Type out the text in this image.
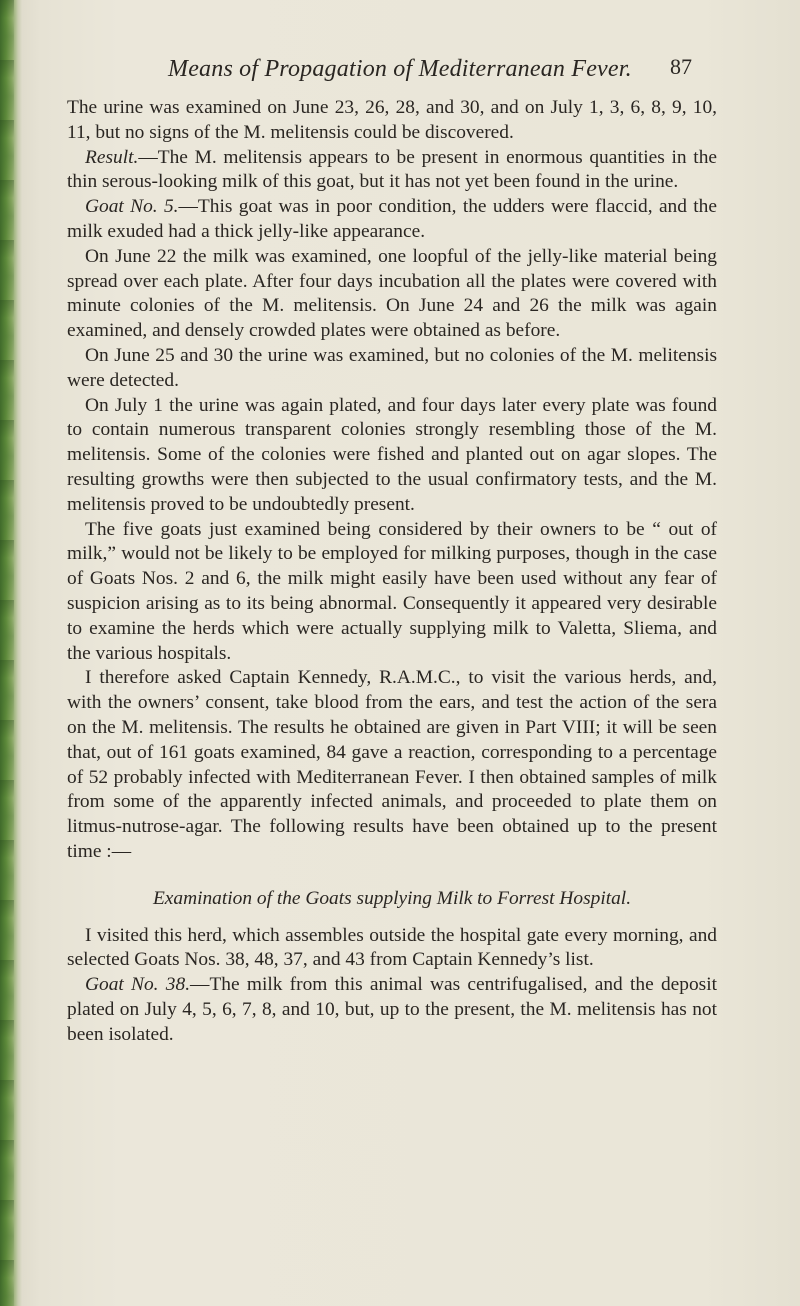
Means of Propagation of Mediterranean Fever. 87

The urine was examined on June 23, 26, 28, and 30, and on July 1, 3, 6, 8, 9, 10, 11, but no signs of the M. melitensis could be discovered.

Result.—The M. melitensis appears to be present in enormous quantities in the thin serous-looking milk of this goat, but it has not yet been found in the urine.

Goat No. 5.—This goat was in poor condition, the udders were flaccid, and the milk exuded had a thick jelly-like appearance.

On June 22 the milk was examined, one loopful of the jelly-like material being spread over each plate. After four days incubation all the plates were covered with minute colonies of the M. melitensis. On June 24 and 26 the milk was again examined, and densely crowded plates were obtained as before.

On June 25 and 30 the urine was examined, but no colonies of the M. melitensis were detected.

On July 1 the urine was again plated, and four days later every plate was found to contain numerous transparent colonies strongly resembling those of the M. melitensis. Some of the colonies were fished and planted out on agar slopes. The resulting growths were then subjected to the usual confirmatory tests, and the M. melitensis proved to be undoubtedly present.

The five goats just examined being considered by their owners to be “ out of milk,” would not be likely to be employed for milking purposes, though in the case of Goats Nos. 2 and 6, the milk might easily have been used without any fear of suspicion arising as to its being abnormal. Consequently it appeared very desirable to examine the herds which were actually supplying milk to Valetta, Sliema, and the various hospitals.

I therefore asked Captain Kennedy, R.A.M.C., to visit the various herds, and, with the owners’ consent, take blood from the ears, and test the action of the sera on the M. melitensis. The results he obtained are given in Part VIII; it will be seen that, out of 161 goats examined, 84 gave a reaction, corresponding to a percentage of 52 probably infected with Mediterranean Fever. I then obtained samples of milk from some of the apparently infected animals, and proceeded to plate them on litmus-nutrose-agar. The following results have been obtained up to the present time :—

Examination of the Goats supplying Milk to Forrest Hospital.

I visited this herd, which assembles outside the hospital gate every morning, and selected Goats Nos. 38, 48, 37, and 43 from Captain Kennedy’s list.

Goat No. 38.—The milk from this animal was centrifugalised, and the deposit plated on July 4, 5, 6, 7, 8, and 10, but, up to the present, the M. melitensis has not been isolated.
